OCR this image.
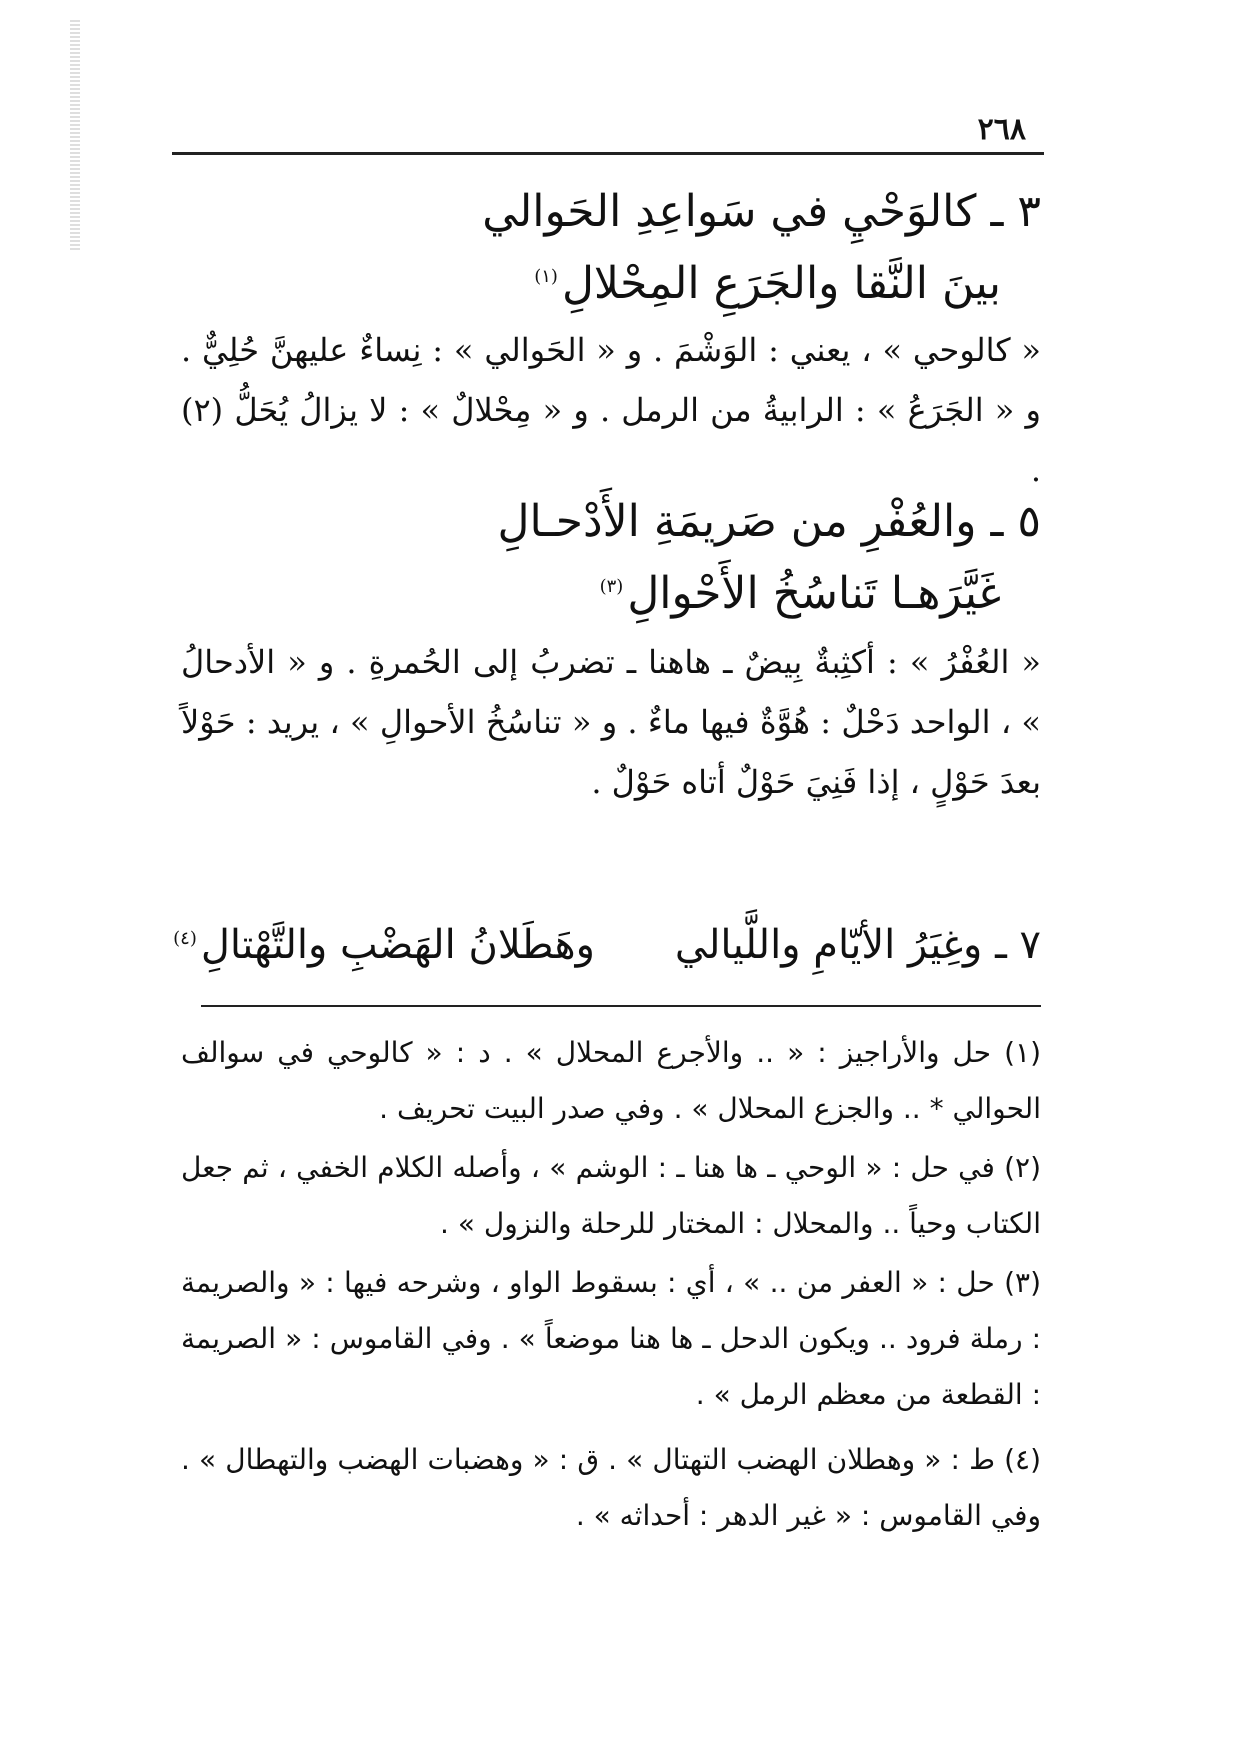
٢٦٨
٣ ـ كالوَحْيِ في سَواعِدِ الحَوالي
بينَ النَّقا والجَرَعِ المِحْلالِ$^{(١)}$
« كالوحي » ، يعني : الوَشْمَ . و « الحَوالي » : نِساءٌ عليهنَّ حُلِيٌّ . و « الجَرَعُ » : الرابيةُ من الرمل . و « مِحْلالٌ » : لا يزالُ يُحَلُّ (٢) .
٥ ـ والعُفْرِ من صَريمَةِ الأَدْحـالِ
غَيَّرَهـا تَناسُخُ الأَحْوالِ$^{(٣)}$
« العُفْرُ » : أكثِبةٌ بِيضٌ ـ هاهنا ـ تضربُ إلى الحُمرةِ . و « الأدحالُ » ، الواحد دَحْلٌ : هُوَّةٌ فيها ماءٌ . و « تناسُخُ الأحوالِ » ، يريد : حَوْلاً بعدَ حَوْلٍ ، إذا فَنِيَ حَوْلٌ أتاه حَوْلٌ .
٧ ـ وغِيَرُ الأيّامِ واللَّيالي
وهَطَلانُ الهَضْبِ والتَّهْتالِ$^{(٤)}$
(١) حل والأراجيز : « .. والأجرع المحلال » . د : « كالوحي في سوالف الحوالي * .. والجزع المحلال » . وفي صدر البيت تحريف .
(٢) في حل : « الوحي ـ ها هنا ـ : الوشم » ، وأصله الكلام الخفي ، ثم جعل الكتاب وحياً .. والمحلال : المختار للرحلة والنزول » .
(٣) حل : « العفر من .. » ، أي : بسقوط الواو ، وشرحه فيها : « والصريمة : رملة فرود .. ويكون الدحل ـ ها هنا موضعاً » . وفي القاموس : « الصريمة : القطعة من معظم الرمل » .
(٤) ط : « وهطلان الهضب التهتال » . ق : « وهضبات الهضب والتهطال » . وفي القاموس : « غير الدهر : أحداثه » .
